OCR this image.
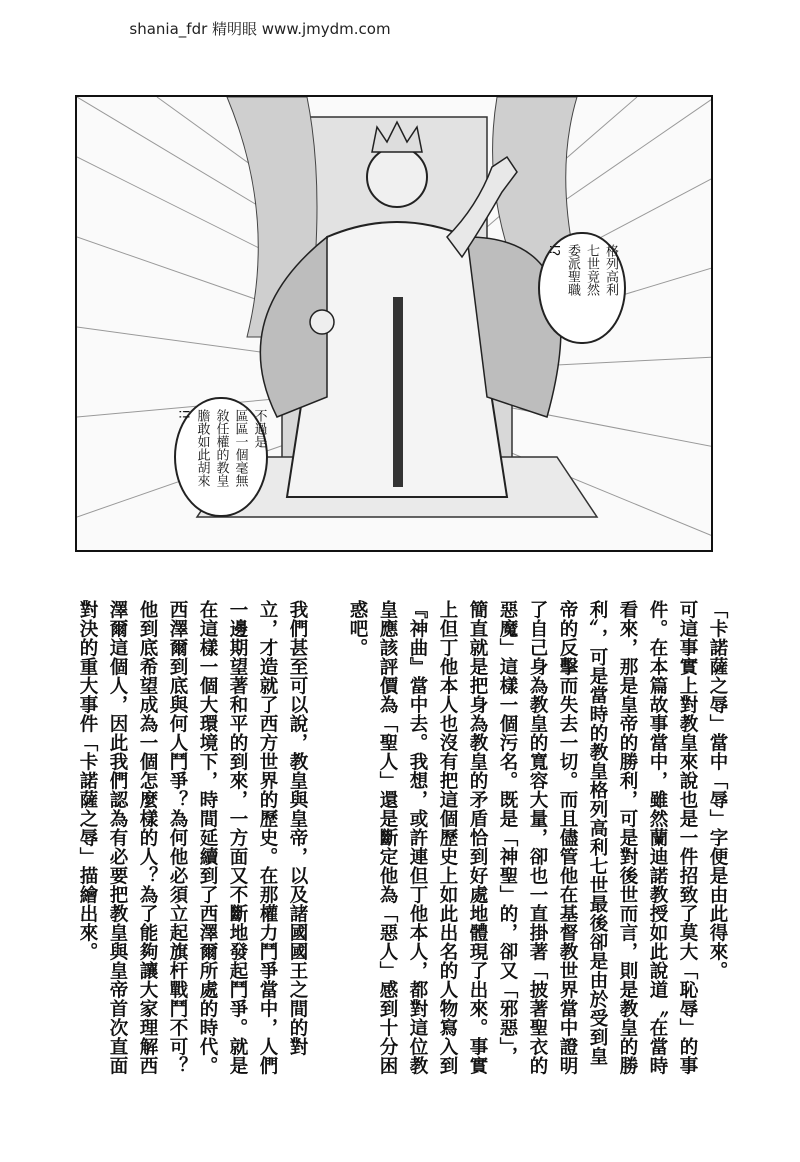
shania_fdr 精明眼 www.jmydm.com
格列高利
七世竟然
委派聖職
!?
不過是
區區一個毫無
敘任權的教皇
膽敢如此胡來
!!
「卡諾薩之辱」當中「辱」字便是由此得來。
可這事實上對教皇來說也是一件招致了莫大「恥辱」的事
件。在本篇故事當中，雖然蘭迪諾教授如此說道〝在當時
看來，那是皇帝的勝利，可是對後世而言，則是教皇的勝
利〞，可是當時的教皇格列高利七世最後卻是由於受到皇
帝的反擊而失去一切。而且儘管他在基督教世界當中證明
了自己身為教皇的寬容大量，卻也一直掛著「披著聖衣的
惡魔」這樣一個污名。既是「神聖」的，卻又「邪惡」，
簡直就是把身為教皇的矛盾恰到好處地體現了出來。事實
上但丁他本人也沒有把這個歷史上如此出名的人物寫入到
『神曲』當中去。我想，或許連但丁他本人，都對這位教
皇應該評價為「聖人」還是斷定他為「惡人」感到十分困
惑吧。
我們甚至可以說，教皇與皇帝，以及諸國國王之間的對
立，才造就了西方世界的歷史。在那權力鬥爭當中，人們
一邊期望著和平的到來，一方面又不斷地發起鬥爭。就是
在這樣一個大環境下，時間延續到了西澤爾所處的時代。
西澤爾到底與何人鬥爭？為何他必須立起旗杆戰鬥不可？
他到底希望成為一個怎麼樣的人？為了能夠讓大家理解西
澤爾這個人，因此我們認為有必要把教皇與皇帝首次直面
對決的重大事件「卡諾薩之辱」描繪出來。
